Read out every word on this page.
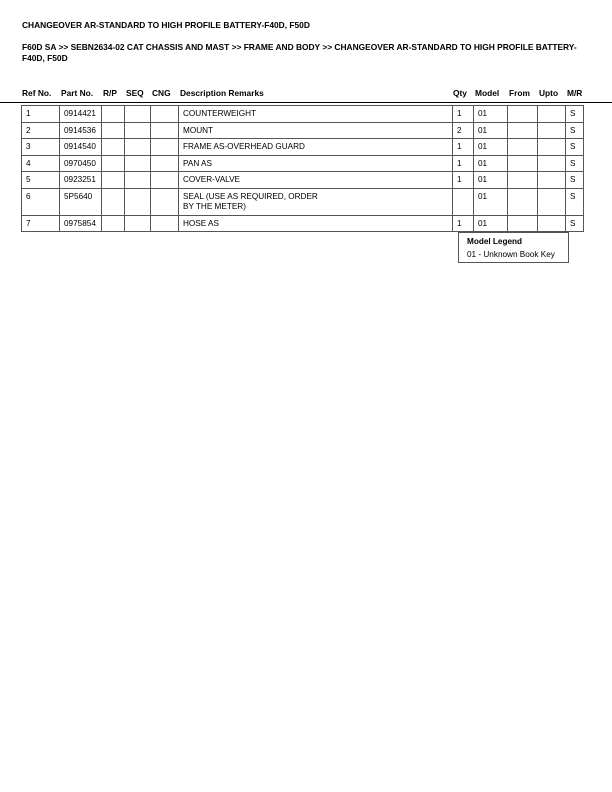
CHANGEOVER AR-STANDARD TO HIGH PROFILE BATTERY-F40D, F50D
F60D SA >> SEBN2634-02 CAT CHASSIS AND MAST >> FRAME AND BODY >> CHANGEOVER AR-STANDARD TO HIGH PROFILE BATTERY-F40D, F50D
Ref No. Part No. R/P SEQ CNG Description Remarks	Qty Model From Upto M/R
1	0914421				COUNTERWEIGHT	1	01			S
2	0914536				MOUNT	2	01			S
3	0914540				FRAME AS-OVERHEAD GUARD	1	01			S
4	0970450				PAN AS	1	01			S
5	0923251				COVER-VALVE	1	01			S
6	5P5640				SEAL (USE AS REQUIRED, ORDER
BY THE METER)		01			S
7	0975854				HOSE AS	1	01			S
Model Legend
01 - Unknown Book Key
